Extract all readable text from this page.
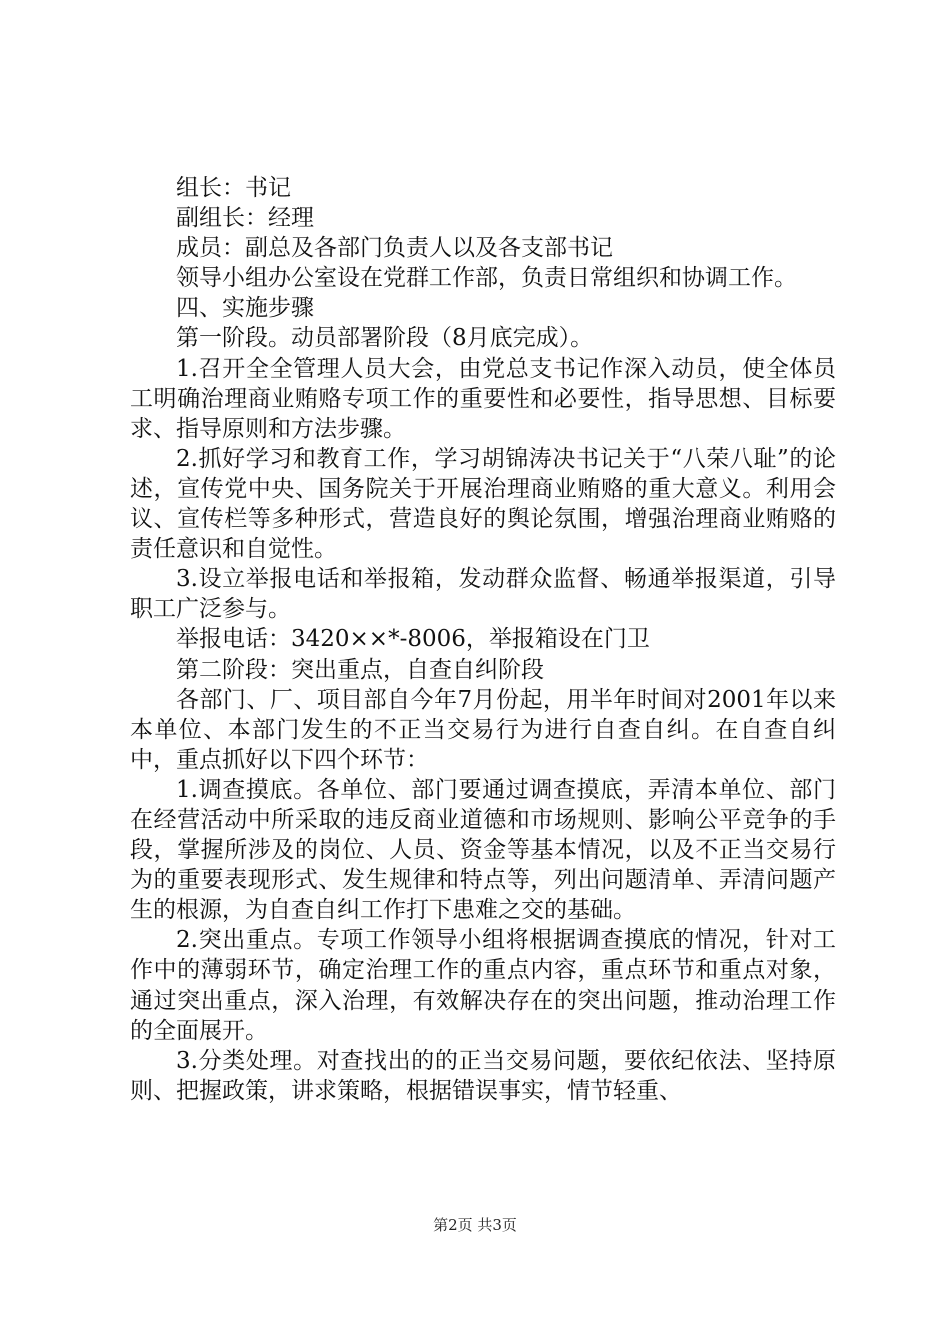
组长：书记

副组长：经理

成员：副总及各部门负责人以及各支部书记

领导小组办公室设在党群工作部，负责日常组织和协调工作。

四、实施步骤

第一阶段。动员部署阶段（8月底完成）。

1.召开全全管理人员大会，由党总支书记作深入动员，使全体员工明确治理商业贿赂专项工作的重要性和必要性，指导思想、目标要求、指导原则和方法步骤。

2.抓好学习和教育工作，学习胡锦涛决书记关于“八荣八耻”的论述，宣传党中央、国务院关于开展治理商业贿赂的重大意义。利用会议、宣传栏等多种形式，营造良好的舆论氛围，增强治理商业贿赂的责任意识和自觉性。

3.设立举报电话和举报箱，发动群众监督、畅通举报渠道，引导职工广泛参与。

举报电话：3420××*-8006，举报箱设在门卫

第二阶段：突出重点，自查自纠阶段

各部门、厂、项目部自今年7月份起，用半年时间对2001年以来本单位、本部门发生的不正当交易行为进行自查自纠。在自查自纠中，重点抓好以下四个环节：

1.调查摸底。各单位、部门要通过调查摸底，弄清本单位、部门在经营活动中所采取的违反商业道德和市场规则、影响公平竞争的手段，掌握所涉及的岗位、人员、资金等基本情况，以及不正当交易行为的重要表现形式、发生规律和特点等，列出问题清单、弄清问题产生的根源，为自查自纠工作打下患难之交的基础。

2.突出重点。专项工作领导小组将根据调查摸底的情况，针对工作中的薄弱环节，确定治理工作的重点内容，重点环节和重点对象，通过突出重点，深入治理，有效解决存在的突出问题，推动治理工作的全面展开。

3.分类处理。对查找出的的正当交易问题，要依纪依法、坚持原则、把握政策，讲求策略，根据错误事实，情节轻重、

第2页 共3页
